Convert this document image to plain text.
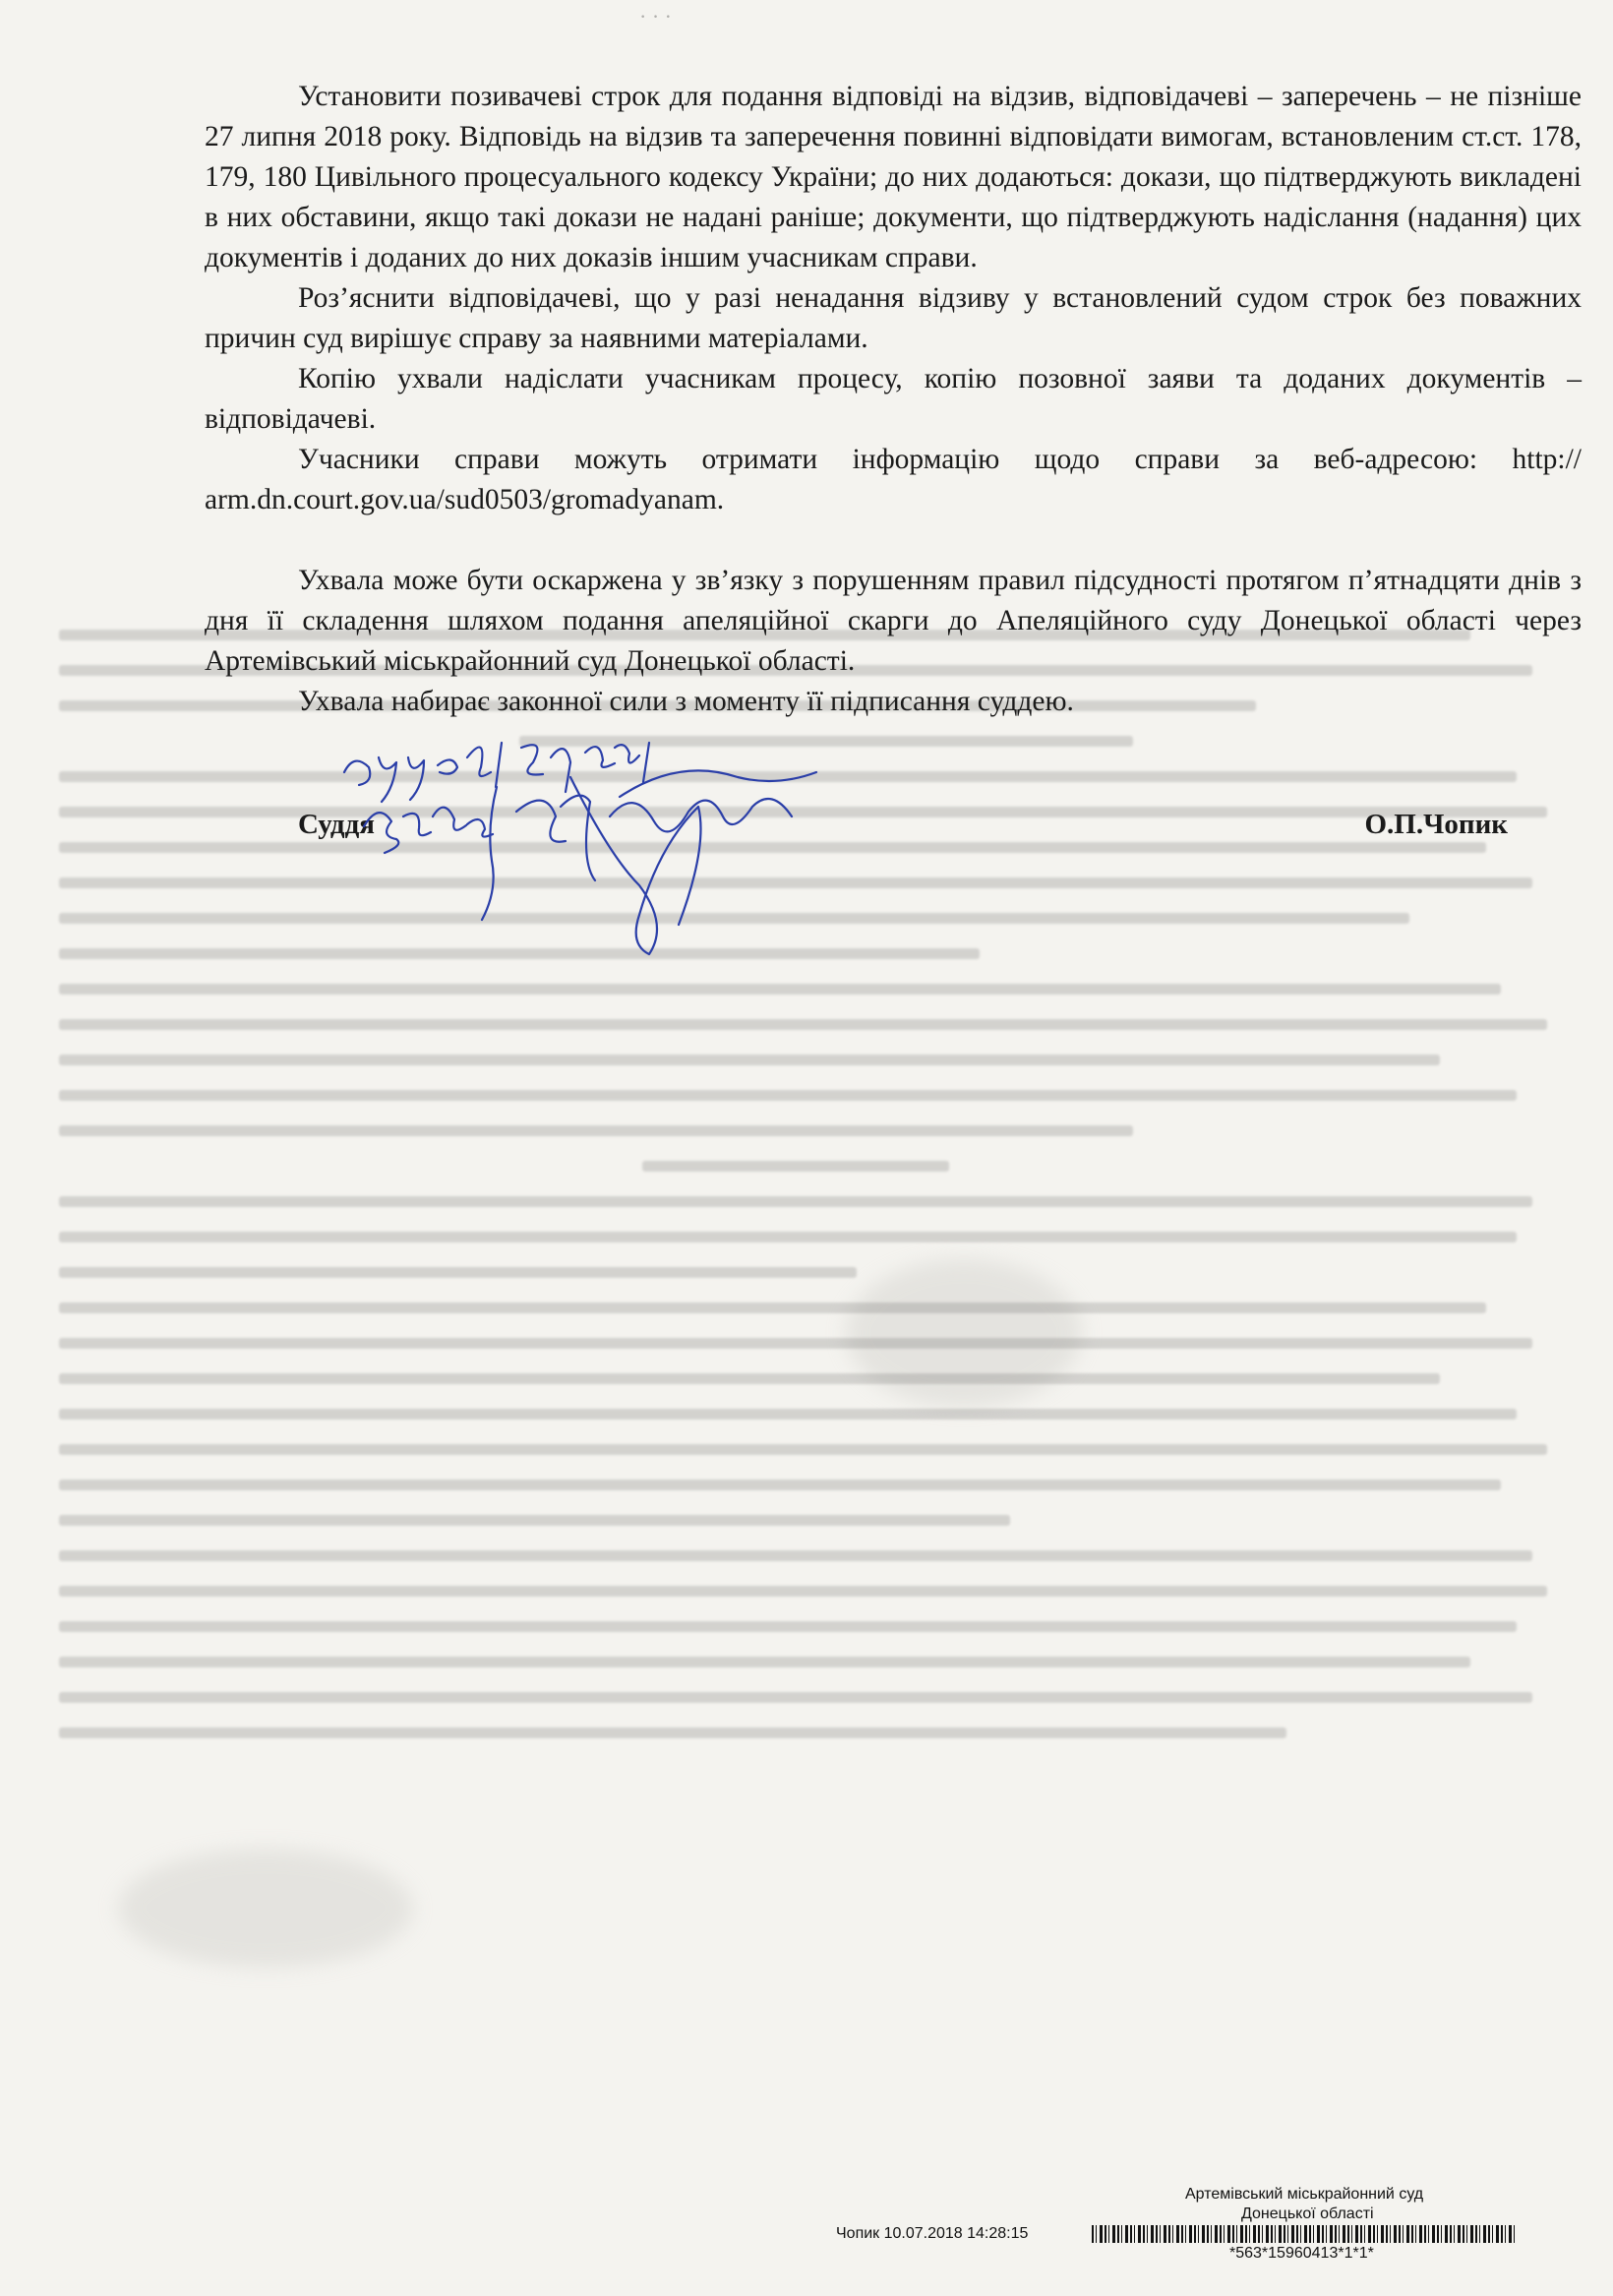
· · ·

Установити позивачеві строк для подання відповіді на відзив, відповідачеві – заперечень – не пізніше 27 липня 2018 року. Відповідь на відзив та заперечення повинні відповідати вимогам, встановленим ст.ст. 178, 179, 180 Цивільного процесуального кодексу України; до них додаються: докази, що підтверджують викладені в них обставини, якщо такі докази не надані раніше; документи, що підтверджують надіслання (надання) цих документів і доданих до них доказів іншим учасникам справи.

Роз’яснити відповідачеві, що у разі ненадання відзиву у встановлений судом строк без поважних причин суд вирішує справу за наявними матеріалами.

Копію ухвали надіслати учасникам процесу, копію позовної заяви та доданих документів – відповідачеві.

Учасники справи можуть отримати інформацію щодо справи за веб-адресою: http:// arm.dn.court.gov.ua/sud0503/gromadyanam.

Ухвала може бути оскаржена у зв’язку з порушенням правил підсудності протягом п’ятнадцяти днів з дня її складення шляхом подання апеляційної скарги до Апеляційного суду Донецької області через Артемівський міськрайонний суд Донецької області.

Ухвала набирає законної сили з моменту її підписання суддею.

Суддя	О.П.Чопик
Артемівський міськрайонний суд
Донецької області
Чопик 10.07.2018 14:28:15
*563*15960413*1*1*
